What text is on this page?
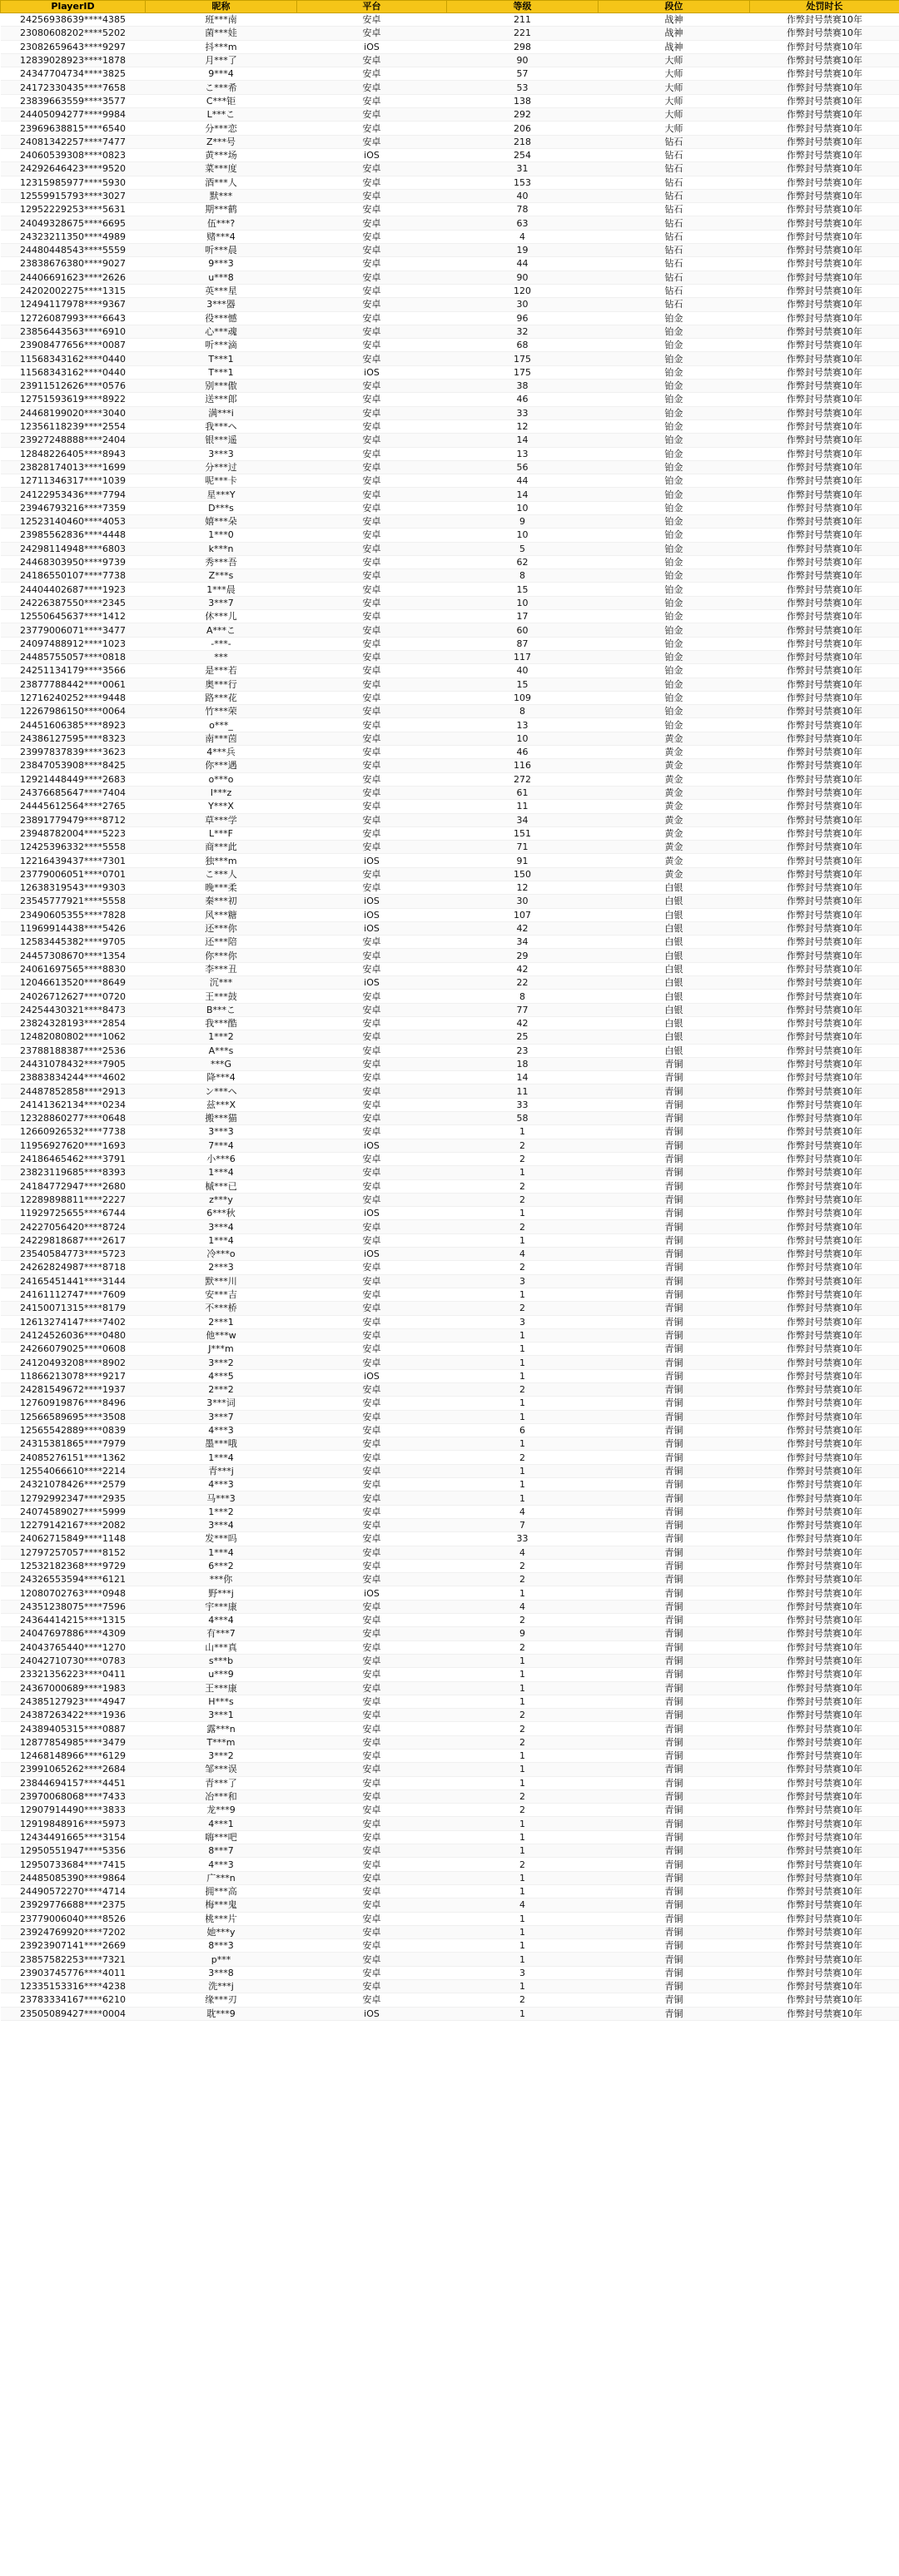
PlayerID	昵称	平台	等级	段位	处罚时长
24256938639****4385	班***南	安卓	211	战神	作弊封号禁赛10年
23080608202****5202	菌***娃	安卓	221	战神	作弊封号禁赛10年
23082659643****9297	抖***m	iOS	298	战神	作弊封号禁赛10年
12839028923****1878	月***了	安卓	90	大师	作弊封号禁赛10年
24347704734****3825	9***4	安卓	57	大师	作弊封号禁赛10年
24172330435****7658	こ***希	安卓	53	大师	作弊封号禁赛10年
23839663559****3577	C***钜	安卓	138	大师	作弊封号禁赛10年
24405094277****9984	L***こ	安卓	292	大师	作弊封号禁赛10年
23969638815****6540	分***恋	安卓	206	大师	作弊封号禁赛10年
24081342257****7477	Z***号	安卓	218	钻石	作弊封号禁赛10年
24060539308****0823	黄***场	iOS	254	钻石	作弊封号禁赛10年
24292646423****9520	菜***度	安卓	31	钻石	作弊封号禁赛10年
12315985977****5930	酒***人	安卓	153	钻石	作弊封号禁赛10年
12559915793****3027	默***	安卓	40	钻石	作弊封号禁赛10年
12952229253****5631	期***鹤	安卓	78	钻石	作弊封号禁赛10年
24049328675****6695	伍***?	安卓	63	钻石	作弊封号禁赛10年
24323211350****4989	赌***4	安卓	4	钻石	作弊封号禁赛10年
24480448543****5559	听***晨	安卓	19	钻石	作弊封号禁赛10年
23838676380****9027	9***3	安卓	44	钻石	作弊封号禁赛10年
24406691623****2626	u***8	安卓	90	钻石	作弊封号禁赛10年
24202002275****1315	英***星	安卓	120	钻石	作弊封号禁赛10年
12494117978****9367	3***器	安卓	30	钻石	作弊封号禁赛10年
12726087993****6643	役***憾	安卓	96	铂金	作弊封号禁赛10年
23856443563****6910	心***魂	安卓	32	铂金	作弊封号禁赛10年
23908477656****0087	听***滴	安卓	68	铂金	作弊封号禁赛10年
11568343162****0440	T***1	安卓	175	铂金	作弊封号禁赛10年
11568343162****0440	T***1	iOS	175	铂金	作弊封号禁赛10年
23911512626****0576	别***傲	安卓	38	铂金	作弊封号禁赛10年
12751593619****8922	送***郎	安卓	46	铂金	作弊封号禁赛10年
24468199020****3040	满***i	安卓	33	铂金	作弊封号禁赛10年
12356118239****2554	我***ヘ	安卓	12	铂金	作弊封号禁赛10年
23927248888****2404	银***遥	安卓	14	铂金	作弊封号禁赛10年
12848226405****8943	3***3	安卓	13	铂金	作弊封号禁赛10年
23828174013****1699	分***过	安卓	56	铂金	作弊封号禁赛10年
12711346317****1039	呢***卡	安卓	44	铂金	作弊封号禁赛10年
24122953436****7794	星***Y	安卓	14	铂金	作弊封号禁赛10年
23946793216****7359	D***s	安卓	10	铂金	作弊封号禁赛10年
12523140460****4053	嬉***朵	安卓	9	铂金	作弊封号禁赛10年
23985562836****4448	1***0	安卓	10	铂金	作弊封号禁赛10年
24298114948****6803	k***n	安卓	5	铂金	作弊封号禁赛10年
24468303950****9739	秀***吾	安卓	62	铂金	作弊封号禁赛10年
24186550107****7738	Z***s	安卓	8	铂金	作弊封号禁赛10年
24404402687****1923	1***晨	安卓	15	铂金	作弊封号禁赛10年
24226387550****2345	3***7	安卓	10	铂金	作弊封号禁赛10年
12550645637****1412	休***儿	安卓	17	铂金	作弊封号禁赛10年
23779006071****3477	A***こ	安卓	60	铂金	作弊封号禁赛10年
24097488912****1023	-***-	安卓	87	铂金	作弊封号禁赛10年
24485755057****0818	***	安卓	117	铂金	作弊封号禁赛10年
24251134179****3566	是***若	安卓	40	铂金	作弊封号禁赛10年
23877788442****0061	奥***行	安卓	15	铂金	作弊封号禁赛10年
12716240252****9448	路***花	安卓	109	铂金	作弊封号禁赛10年
12267986150****0064	竹***荣	安卓	8	铂金	作弊封号禁赛10年
24451606385****8923	o***_	安卓	13	铂金	作弊封号禁赛10年
24386127595****8323	南***茵	安卓	10	黄金	作弊封号禁赛10年
23997837839****3623	4***兵	安卓	46	黄金	作弊封号禁赛10年
23847053908****8425	你***遇	安卓	116	黄金	作弊封号禁赛10年
12921448449****2683	o***o	安卓	272	黄金	作弊封号禁赛10年
24376685647****7404	I***z	安卓	61	黄金	作弊封号禁赛10年
24445612564****2765	Y***X	安卓	11	黄金	作弊封号禁赛10年
23891779479****8712	草***学	安卓	34	黄金	作弊封号禁赛10年
23948782004****5223	L***F	安卓	151	黄金	作弊封号禁赛10年
12425396332****5558	商***此	安卓	71	黄金	作弊封号禁赛10年
12216439437****7301	独***m	iOS	91	黄金	作弊封号禁赛10年
23779006051****0701	こ***人	安卓	150	黄金	作弊封号禁赛10年
12638319543****9303	晚***柔	安卓	12	白银	作弊封号禁赛10年
23545777921****5558	秦***初	iOS	30	白银	作弊封号禁赛10年
23490605355****7828	风***糖	iOS	107	白银	作弊封号禁赛10年
11969914438****5426	还***你	iOS	42	白银	作弊封号禁赛10年
12583445382****9705	还***陪	安卓	34	白银	作弊封号禁赛10年
24457308670****1354	你***你	安卓	29	白银	作弊封号禁赛10年
24061697565****8830	李***丑	安卓	42	白银	作弊封号禁赛10年
12046613520****8649	沉***	iOS	22	白银	作弊封号禁赛10年
24026712627****0720	王***鼓	安卓	8	白银	作弊封号禁赛10年
24254430321****8473	B***こ	安卓	77	白银	作弊封号禁赛10年
23824328193****2854	我***酷	安卓	42	白银	作弊封号禁赛10年
12482080802****1062	1***2	安卓	25	白银	作弊封号禁赛10年
23788188387****2536	A***s	安卓	23	白银	作弊封号禁赛10年
24431078432****7905	***G	安卓	18	青铜	作弊封号禁赛10年
23883834244****4602	降***4	安卓	14	青铜	作弊封号禁赛10年
24487852858****2913	ン***ヘ	安卓	11	青铜	作弊封号禁赛10年
24141362134****0234	兹***X	安卓	33	青铜	作弊封号禁赛10年
12328860277****0648	搬***猫	安卓	58	青铜	作弊封号禁赛10年
12660926532****7738	3***3	安卓	1	青铜	作弊封号禁赛10年
11956927620****1693	7***4	iOS	2	青铜	作弊封号禁赛10年
24186465462****3791	小***6	安卓	2	青铜	作弊封号禁赛10年
23823119685****8393	1***4	安卓	1	青铜	作弊封号禁赛10年
24184772947****2680	槭***已	安卓	2	青铜	作弊封号禁赛10年
12289898811****2227	z***y	安卓	2	青铜	作弊封号禁赛10年
11929725655****6744	6***秋	iOS	1	青铜	作弊封号禁赛10年
24227056420****8724	3***4	安卓	2	青铜	作弊封号禁赛10年
24229818687****2617	1***4	安卓	1	青铜	作弊封号禁赛10年
23540584773****5723	冷***o	iOS	4	青铜	作弊封号禁赛10年
24262824987****8718	2***3	安卓	2	青铜	作弊封号禁赛10年
24165451441****3144	默***川	安卓	3	青铜	作弊封号禁赛10年
24161112747****7609	安***吉	安卓	1	青铜	作弊封号禁赛10年
24150071315****8179	不***桥	安卓	2	青铜	作弊封号禁赛10年
12613274147****7402	2***1	安卓	3	青铜	作弊封号禁赛10年
24124526036****0480	他***w	安卓	1	青铜	作弊封号禁赛10年
24266079025****0608	J***m	安卓	1	青铜	作弊封号禁赛10年
24120493208****8902	3***2	安卓	1	青铜	作弊封号禁赛10年
11866213078****9217	4***5	iOS	1	青铜	作弊封号禁赛10年
24281549672****1937	2***2	安卓	2	青铜	作弊封号禁赛10年
12760919876****8496	3***词	安卓	1	青铜	作弊封号禁赛10年
12566589695****3508	3***7	安卓	1	青铜	作弊封号禁赛10年
12565542889****0839	4***3	安卓	6	青铜	作弊封号禁赛10年
24315381865****7979	墨***哦	安卓	1	青铜	作弊封号禁赛10年
24085276151****1362	1***4	安卓	2	青铜	作弊封号禁赛10年
12554066610****2214	青***j	安卓	1	青铜	作弊封号禁赛10年
24321078426****2579	4***3	安卓	1	青铜	作弊封号禁赛10年
12792992347****2935	马***3	安卓	1	青铜	作弊封号禁赛10年
24074589027****5999	1***2	安卓	4	青铜	作弊封号禁赛10年
12279142167****2082	3***4	安卓	7	青铜	作弊封号禁赛10年
24062715849****1148	发***吗	安卓	33	青铜	作弊封号禁赛10年
12797257057****8152	1***4	安卓	4	青铜	作弊封号禁赛10年
12532182368****9729	6***2	安卓	2	青铜	作弊封号禁赛10年
24326553594****6121	***你	安卓	2	青铜	作弊封号禁赛10年
12080702763****0948	野***j	iOS	1	青铜	作弊封号禁赛10年
24351238075****7596	宇***康	安卓	4	青铜	作弊封号禁赛10年
24364414215****1315	4***4	安卓	2	青铜	作弊封号禁赛10年
24047697886****4309	有***7	安卓	9	青铜	作弊封号禁赛10年
24043765440****1270	山***真	安卓	2	青铜	作弊封号禁赛10年
24042710730****0783	s***b	安卓	1	青铜	作弊封号禁赛10年
23321356223****0411	u***9	安卓	1	青铜	作弊封号禁赛10年
24367000689****1983	王***康	安卓	1	青铜	作弊封号禁赛10年
24385127923****4947	H***s	安卓	1	青铜	作弊封号禁赛10年
24387263422****1936	3***1	安卓	2	青铜	作弊封号禁赛10年
24389405315****0887	露***n	安卓	2	青铜	作弊封号禁赛10年
12877854985****3479	T***m	安卓	2	青铜	作弊封号禁赛10年
12468148966****6129	3***2	安卓	1	青铜	作弊封号禁赛10年
23991065262****2684	邹***误	安卓	1	青铜	作弊封号禁赛10年
23844694157****4451	青***了	安卓	1	青铜	作弊封号禁赛10年
23970068068****7433	冶***和	安卓	2	青铜	作弊封号禁赛10年
12907914490****3833	龙***9	安卓	2	青铜	作弊封号禁赛10年
12919848916****5973	4***1	安卓	1	青铜	作弊封号禁赛10年
12434491665****3154	嗨***吧	安卓	1	青铜	作弊封号禁赛10年
12950551947****5356	8***7	安卓	1	青铜	作弊封号禁赛10年
12950733684****7415	4***3	安卓	2	青铜	作弊封号禁赛10年
24485085390****9864	广***n	安卓	1	青铜	作弊封号禁赛10年
24490572270****4714	拥***高	安卓	1	青铜	作弊封号禁赛10年
23929776688****2375	梅***鬼	安卓	4	青铜	作弊封号禁赛10年
23779006040****8526	桃***片	安卓	1	青铜	作弊封号禁赛10年
23924769920****7202	她***y	安卓	1	青铜	作弊封号禁赛10年
23923907141****2669	8***3	安卓	1	青铜	作弊封号禁赛10年
23857582253****7321	p***	安卓	1	青铜	作弊封号禁赛10年
23903745776****4011	3***8	安卓	3	青铜	作弊封号禁赛10年
12335153316****4238	洗***j	安卓	1	青铜	作弊封号禁赛10年
23783334167****6210	缘***刃	安卓	2	青铜	作弊封号禁赛10年
23505089427****0004	耽***9	iOS	1	青铜	作弊封号禁赛10年
